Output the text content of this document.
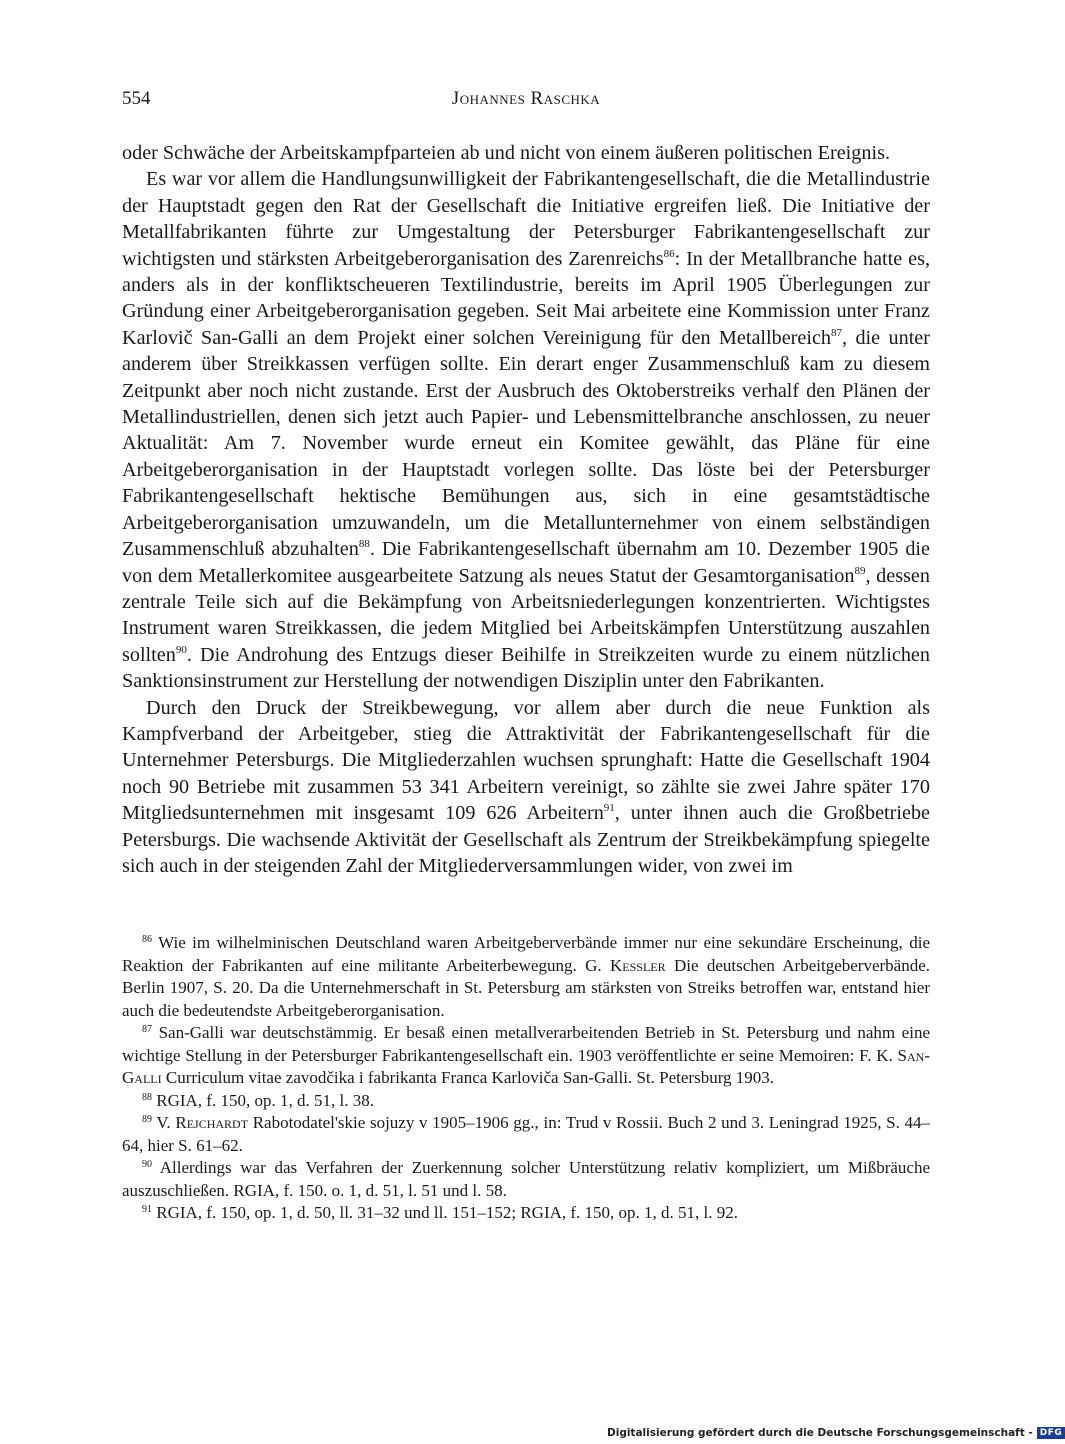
554	Johannes Raschka

oder Schwäche der Arbeitskampfparteien ab und nicht von einem äußeren politischen Ereignis.

Es war vor allem die Handlungsunwilligkeit der Fabrikantengesellschaft, die die Metallindustrie der Hauptstadt gegen den Rat der Gesellschaft die Initiative ergreifen ließ. Die Initiative der Metallfabrikanten führte zur Umgestaltung der Petersburger Fabrikantengesellschaft zur wichtigsten und stärksten Arbeitgeberorganisation des Zarenreichs$^{86}$: In der Metallbranche hatte es, anders als in der konfliktscheueren Textilindustrie, bereits im April 1905 Überlegungen zur Gründung einer Arbeitgeberorganisation gegeben. Seit Mai arbeitete eine Kommission unter Franz Karlovič San-Galli an dem Projekt einer solchen Vereinigung für den Metallbereich$^{87}$, die unter anderem über Streikkassen verfügen sollte. Ein derart enger Zusammenschluß kam zu diesem Zeitpunkt aber noch nicht zustande. Erst der Ausbruch des Oktoberstreiks verhalf den Plänen der Metallindustriellen, denen sich jetzt auch Papier- und Lebensmittelbranche anschlossen, zu neuer Aktualität: Am 7. November wurde erneut ein Komitee gewählt, das Pläne für eine Arbeitgeberorganisation in der Hauptstadt vorlegen sollte. Das löste bei der Petersburger Fabrikantengesellschaft hektische Bemühungen aus, sich in eine gesamtstädtische Arbeitgeberorganisation umzuwandeln, um die Metallunternehmer von einem selbständigen Zusammenschluß abzuhalten$^{88}$. Die Fabrikantengesellschaft übernahm am 10. Dezember 1905 die von dem Metallerkomitee ausgearbeitete Satzung als neues Statut der Gesamtorganisation$^{89}$, dessen zentrale Teile sich auf die Bekämpfung von Arbeitsniederlegungen konzentrierten. Wichtigstes Instrument waren Streikkassen, die jedem Mitglied bei Arbeitskämpfen Unterstützung auszahlen sollten$^{90}$. Die Androhung des Entzugs dieser Beihilfe in Streikzeiten wurde zu einem nützlichen Sanktionsinstrument zur Herstellung der notwendigen Disziplin unter den Fabrikanten.

Durch den Druck der Streikbewegung, vor allem aber durch die neue Funktion als Kampfverband der Arbeitgeber, stieg die Attraktivität der Fabrikantengesellschaft für die Unternehmer Petersburgs. Die Mitgliederzahlen wuchsen sprunghaft: Hatte die Gesellschaft 1904 noch 90 Betriebe mit zusammen 53 341 Arbeitern vereinigt, so zählte sie zwei Jahre später 170 Mitgliedsunternehmen mit insgesamt 109 626 Arbeitern$^{91}$, unter ihnen auch die Großbetriebe Petersburgs. Die wachsende Aktivität der Gesellschaft als Zentrum der Streikbekämpfung spiegelte sich auch in der steigenden Zahl der Mitgliederversammlungen wider, von zwei im

$^{86}$ Wie im wilhelminischen Deutschland waren Arbeitgeberverbände immer nur eine sekundäre Erscheinung, die Reaktion der Fabrikanten auf eine militante Arbeiterbewegung. G. Kessler Die deutschen Arbeitgeberverbände. Berlin 1907, S. 20. Da die Unternehmerschaft in St. Petersburg am stärksten von Streiks betroffen war, entstand hier auch die bedeutendste Arbeitgeberorganisation.

$^{87}$ San-Galli war deutschstämmig. Er besaß einen metallverarbeitenden Betrieb in St. Petersburg und nahm eine wichtige Stellung in der Petersburger Fabrikantengesellschaft ein. 1903 veröffentlichte er seine Memoiren: F. K. San-Galli Curriculum vitae zavodčika i fabrikanta Franca Karloviča San-Galli. St. Petersburg 1903.

$^{88}$ RGIA, f. 150, op. 1, d. 51, l. 38.

$^{89}$ V. Rejchardt Rabotodatel'skie sojuzy v 1905–1906 gg., in: Trud v Rossii. Buch 2 und 3. Leningrad 1925, S. 44–64, hier S. 61–62.

$^{90}$ Allerdings war das Verfahren der Zuerkennung solcher Unterstützung relativ kompliziert, um Mißbräuche auszuschließen. RGIA, f. 150. o. 1, d. 51, l. 51 und l. 58.

$^{91}$ RGIA, f. 150, op. 1, d. 50, ll. 31–32 und ll. 151–152; RGIA, f. 150, op. 1, d. 51, l. 92.

Digitalisierung gefördert durch die Deutsche Forschungsgemeinschaft - DFG
